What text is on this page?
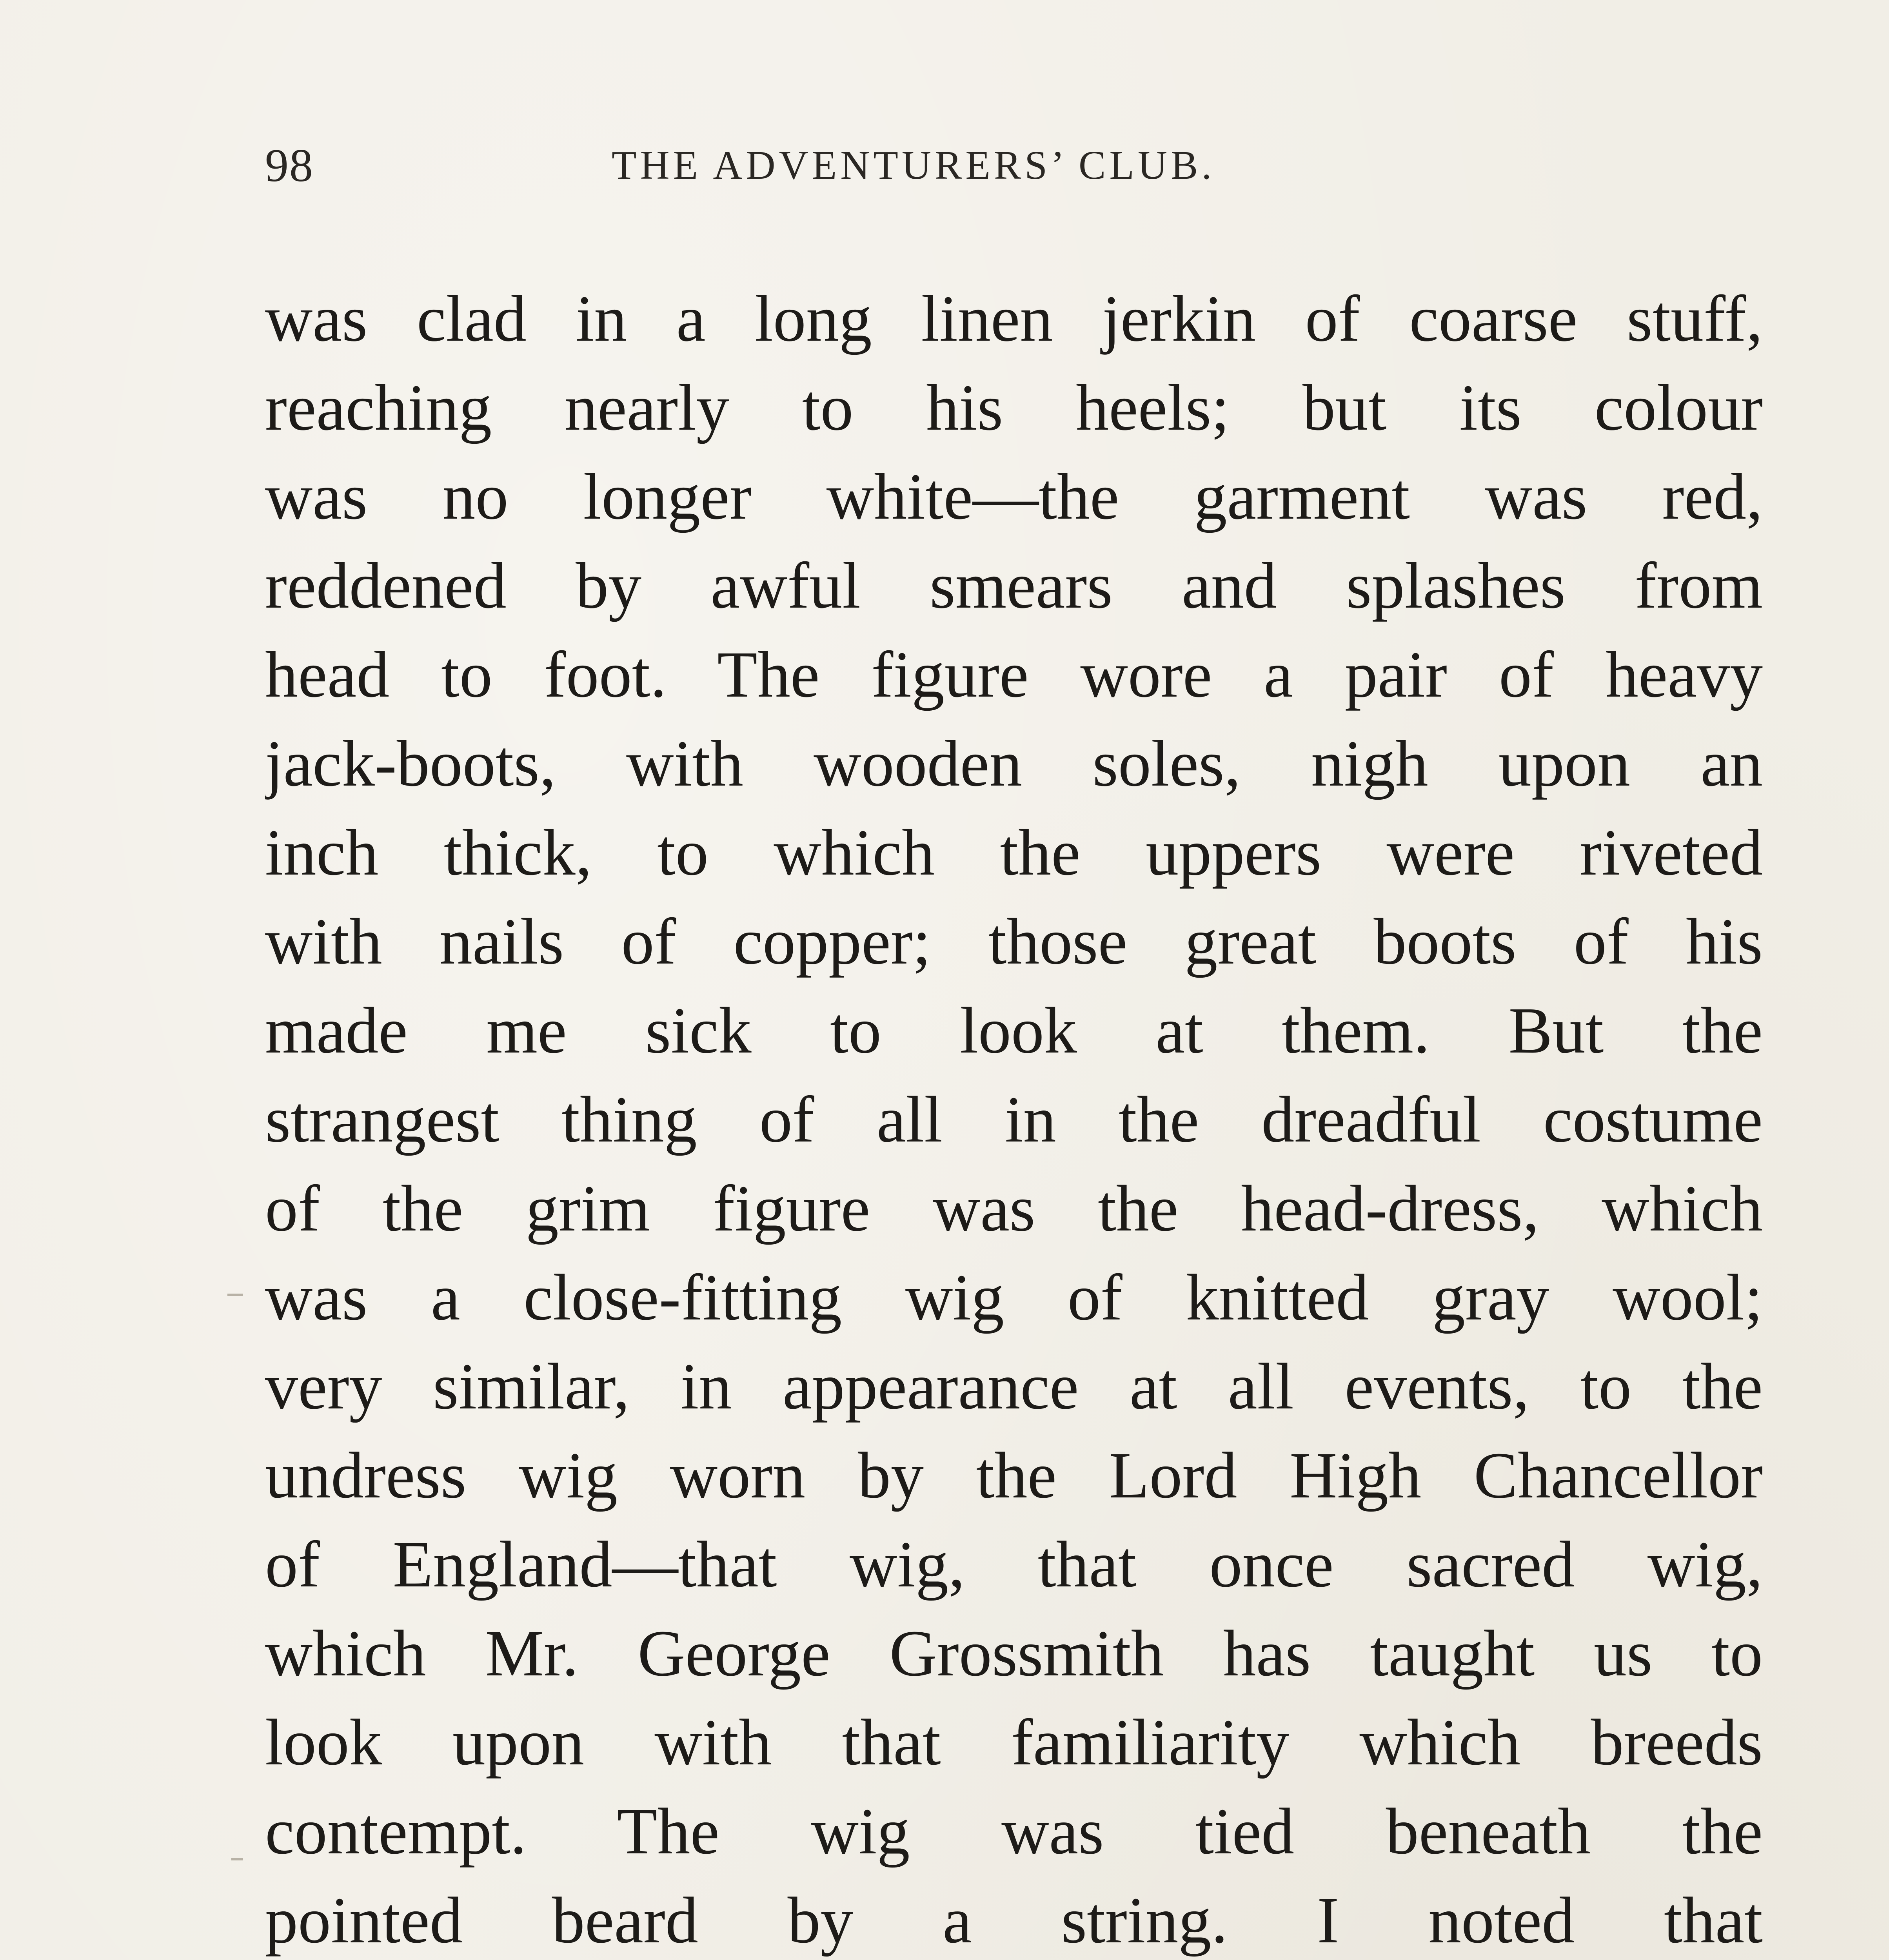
98	THE ADVENTURERS’ CLUB.
was clad in a long linen jerkin of coarse stuff,
reaching nearly to his heels; but its colour
was no longer white—the garment was red,
reddened by awful smears and splashes from
head to foot. The figure wore a pair of heavy
jack-boots, with wooden soles, nigh upon an
inch thick, to which the uppers were riveted
with nails of copper; those great boots of his
made me sick to look at them. But the
strangest thing of all in the dreadful costume
of the grim figure was the head-dress, which
was a close-fitting wig of knitted gray wool;
very similar, in appearance at all events, to the
undress wig worn by the Lord High Chancellor
of England—that wig, that once sacred wig,
which Mr. George Grossmith has taught us to
look upon with that familiarity which breeds
contempt. The wig was tied beneath the
pointed beard by a string. I noted that
